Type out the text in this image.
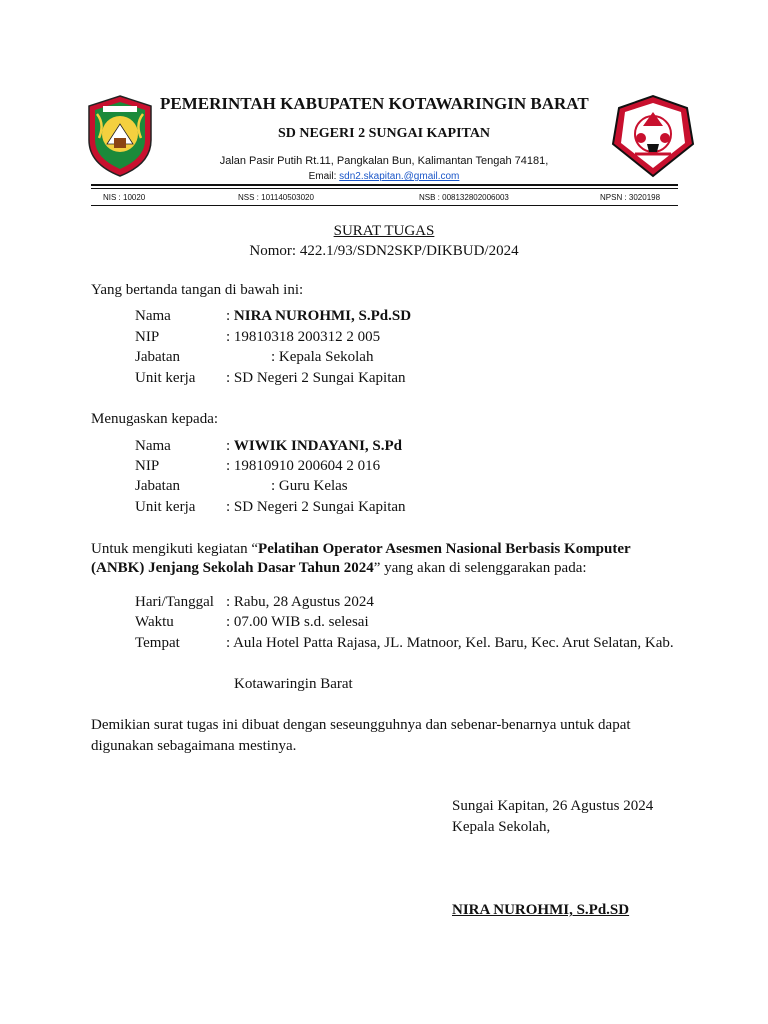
PEMERINTAH KABUPATEN KOTAWARINGIN BARAT
SD NEGERI 2 SUNGAI KAPITAN
Jalan Pasir Putih Rt.11, Pangkalan Bun, Kalimantan Tengah 74181,
Email: sdn2.skapitan.@gmail.com
NIS : 10020	NSS : 101140503020	NSB : 008132802006003	NPSN : 3020198
SURAT TUGAS
Nomor: 422.1/93/SDN2SKP/DIKBUD/2024
Yang bertanda tangan di bawah ini:
Nama	: NIRA NUROHMI, S.Pd.SD
NIP	: 19810318 200312 2 005
Jabatan	: Kepala Sekolah
Unit kerja : SD Negeri 2 Sungai Kapitan
Menugaskan kepada:
Nama	: WIWIK INDAYANI, S.Pd
NIP	: 19810910 200604 2 016
Jabatan	: Guru Kelas
Unit kerja : SD Negeri 2 Sungai Kapitan
Untuk mengikuti kegiatan “Pelatihan Operator Asesmen Nasional Berbasis Komputer
(ANBK) Jenjang Sekolah Dasar Tahun 2024” yang akan di selenggarakan pada:
Hari/Tanggal : Rabu, 28 Agustus 2024
Waktu	: 07.00 WIB s.d. selesai
Tempat	: Aula Hotel Patta Rajasa, JL. Matnoor, Kel. Baru, Kec. Arut Selatan, Kab.
Kotawaringin Barat
Demikian surat tugas ini dibuat dengan seseungguhnya dan sebenar-benarnya untuk dapat
digunakan sebagaimana mestinya.
Sungai Kapitan, 26 Agustus 2024
Kepala Sekolah,
NIRA NUROHMI, S.Pd.SD
